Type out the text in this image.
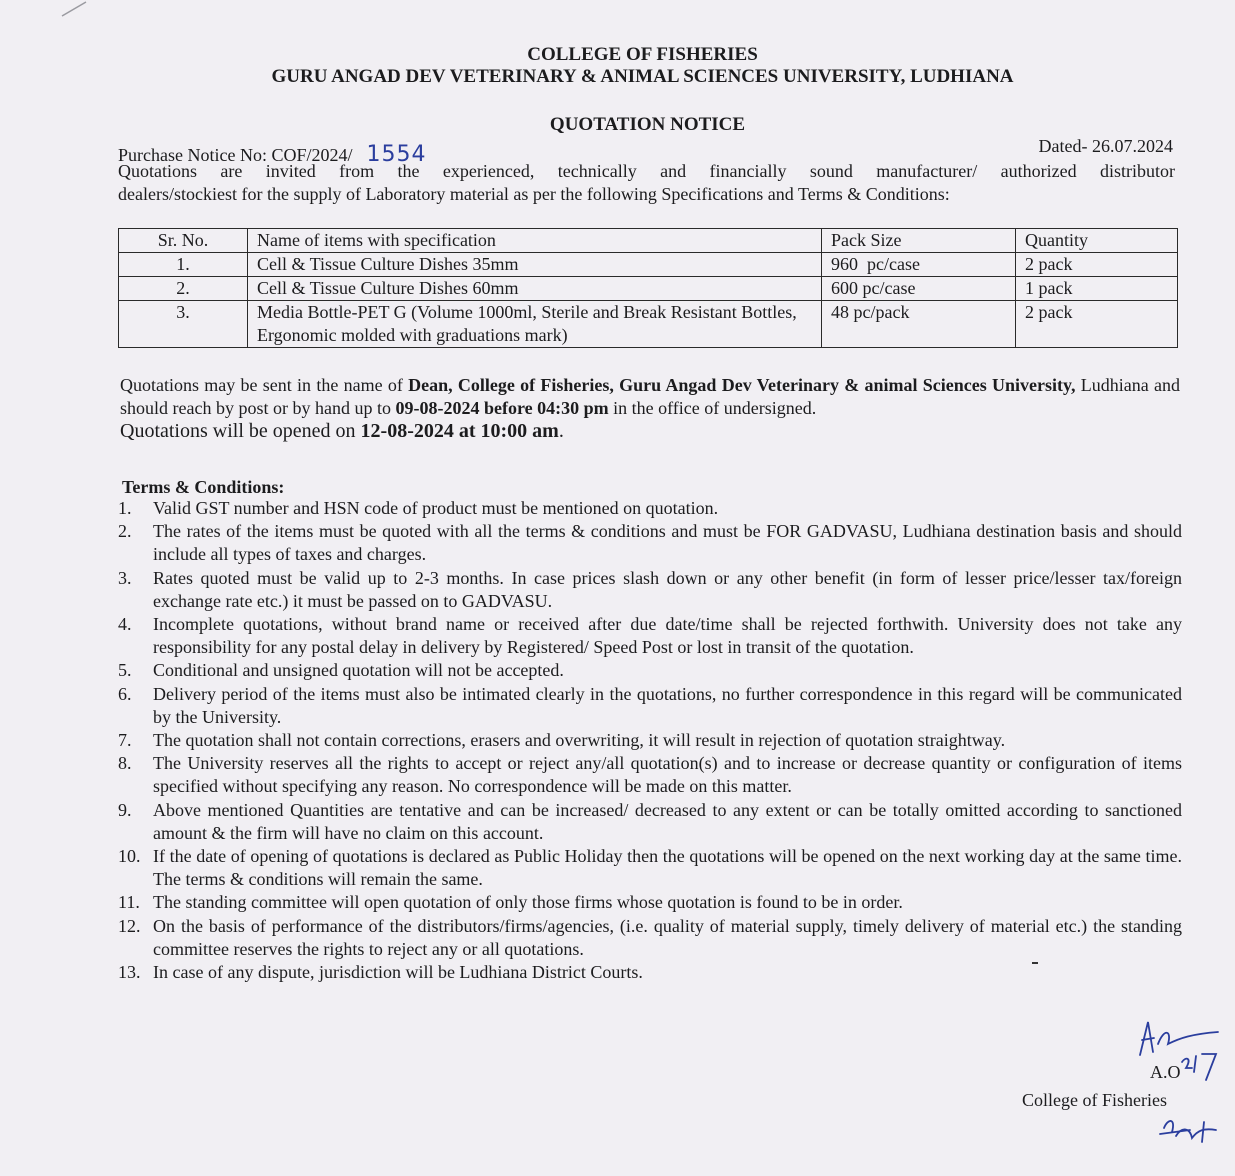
COLLEGE OF FISHERIES
GURU ANGAD DEV VETERINARY & ANIMAL SCIENCES UNIVERSITY, LUDHIANA
QUOTATION NOTICE
Purchase Notice No: COF/2024/ 1554	Dated- 26.07.2024
Quotations are invited from the experienced, technically and financially sound manufacturer/ authorized distributor
dealers/stockiest for the supply of Laboratory material as per the following Specifications and Terms & Conditions:
Sr. No.	Name of items with specification	Pack Size	Quantity
1.	Cell & Tissue Culture Dishes 35mm	960  pc/case	2 pack
2.	Cell & Tissue Culture Dishes 60mm	600 pc/case	1 pack
3.	Media Bottle-PET G (Volume 1000ml, Sterile and Break Resistant Bottles, Ergonomic molded with graduations mark)	48 pc/pack	2 pack
Quotations may be sent in the name of Dean, College of Fisheries, Guru Angad Dev Veterinary & animal Sciences University, Ludhiana and should reach by post or by hand up to 09-08-2024 before 04:30 pm in the office of undersigned.
Quotations will be opened on 12-08-2024 at 10:00 am.
Terms & Conditions:
1. Valid GST number and HSN code of product must be mentioned on quotation.
2. The rates of the items must be quoted with all the terms & conditions and must be FOR GADVASU, Ludhiana destination basis and should include all types of taxes and charges.
3. Rates quoted must be valid up to 2-3 months. In case prices slash down or any other benefit (in form of lesser price/lesser tax/foreign exchange rate etc.) it must be passed on to GADVASU.
4. Incomplete quotations, without brand name or received after due date/time shall be rejected forthwith. University does not take any responsibility for any postal delay in delivery by Registered/ Speed Post or lost in transit of the quotation.
5. Conditional and unsigned quotation will not be accepted.
6. Delivery period of the items must also be intimated clearly in the quotations, no further correspondence in this regard will be communicated by the University.
7. The quotation shall not contain corrections, erasers and overwriting, it will result in rejection of quotation straightway.
8. The University reserves all the rights to accept or reject any/all quotation(s) and to increase or decrease quantity or configuration of items specified without specifying any reason. No correspondence will be made on this matter.
9. Above mentioned Quantities are tentative and can be increased/ decreased to any extent or can be totally omitted according to sanctioned amount & the firm will have no claim on this account.
10. If the date of opening of quotations is declared as Public Holiday then the quotations will be opened on the next working day at the same time. The terms & conditions will remain the same.
11. The standing committee will open quotation of only those firms whose quotation is found to be in order.
12. On the basis of performance of the distributors/firms/agencies, (i.e. quality of material supply, timely delivery of material etc.) the standing committee reserves the rights to reject any or all quotations.
13. In case of any dispute, jurisdiction will be Ludhiana District Courts.
A.O
College of Fisheries
